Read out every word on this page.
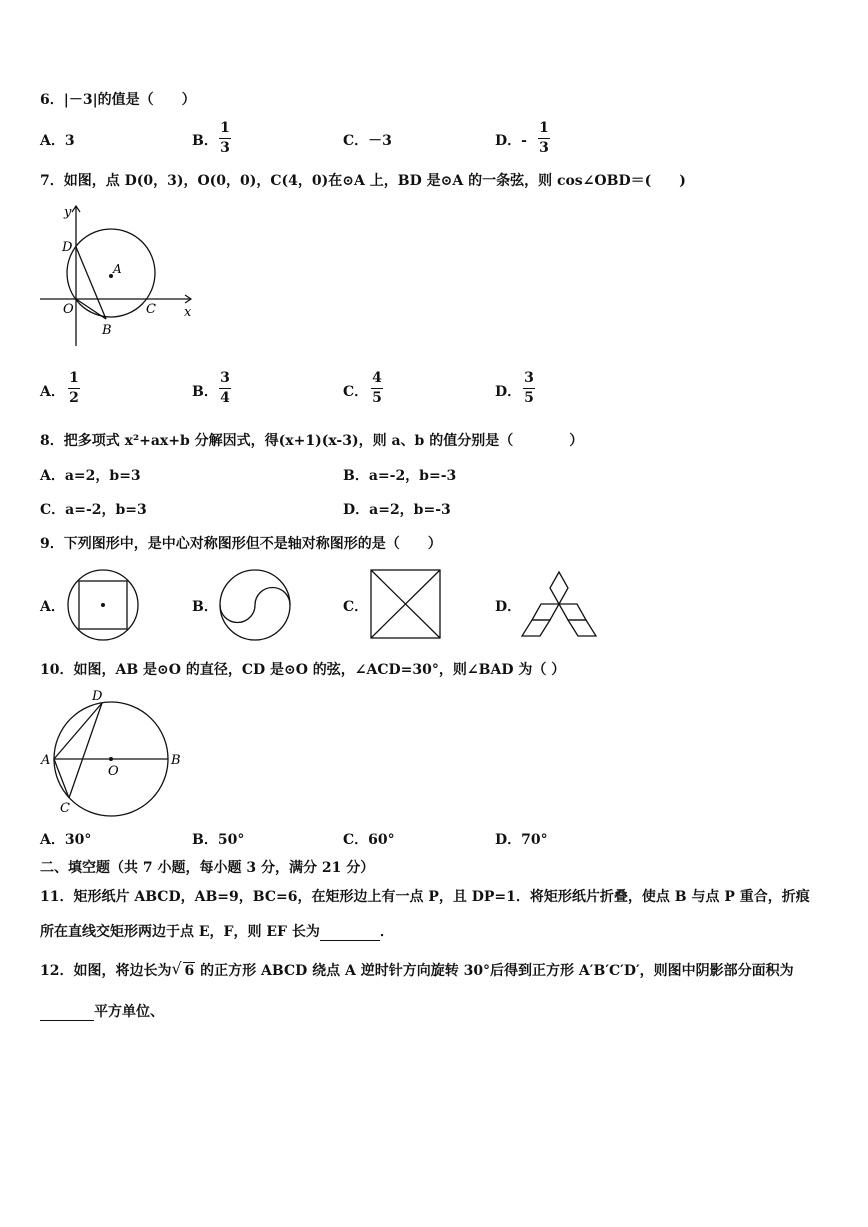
6．|－3|的值是（　　）
A．3	B．
1
3	C．－3	D．-
1
3
7．如图，点 D(0，3)，O(0，0)，C(4，0)在⊙A 上，BD 是⊙A 的一条弦，则 cos∠OBD＝(　　)
y
x
D
A
O
B
C
A．
1
2	B．
3
4	C．
4
5	D．
3
5
8．把多项式 x²+ax+b 分解因式，得(x+1)(x-3)，则 a、b 的值分别是（　　　　）
A．a=2，b=3	B．a=-2，b=-3
C．a=-2，b=3	D．a=2，b=-3
9．下列图形中，是中心对称图形但不是轴对称图形的是（　　）
A．	B．	C．	D．
10．如图，AB 是⊙O 的直径，CD 是⊙O 的弦，∠ACD=30°，则∠BAD 为（ ）
D
A
O
B
C
A．30°	B．50°	C．60°	D．70°
二、填空题（共 7 小题，每小题 3 分，满分 21 分）
11．矩形纸片 ABCD，AB=9，BC=6，在矩形边上有一点 P，且 DP=1．将矩形纸片折叠，使点 B 与点 P 重合，折痕
所在直线交矩形两边于点 E，F，则 EF 长为	．
12．如图，将边长为 √ 6 的正方形 ABCD 绕点 A 逆时针方向旋转 30°后得到正方形 A′B′C′D′，则图中阴影部分面积为
平方单位、
